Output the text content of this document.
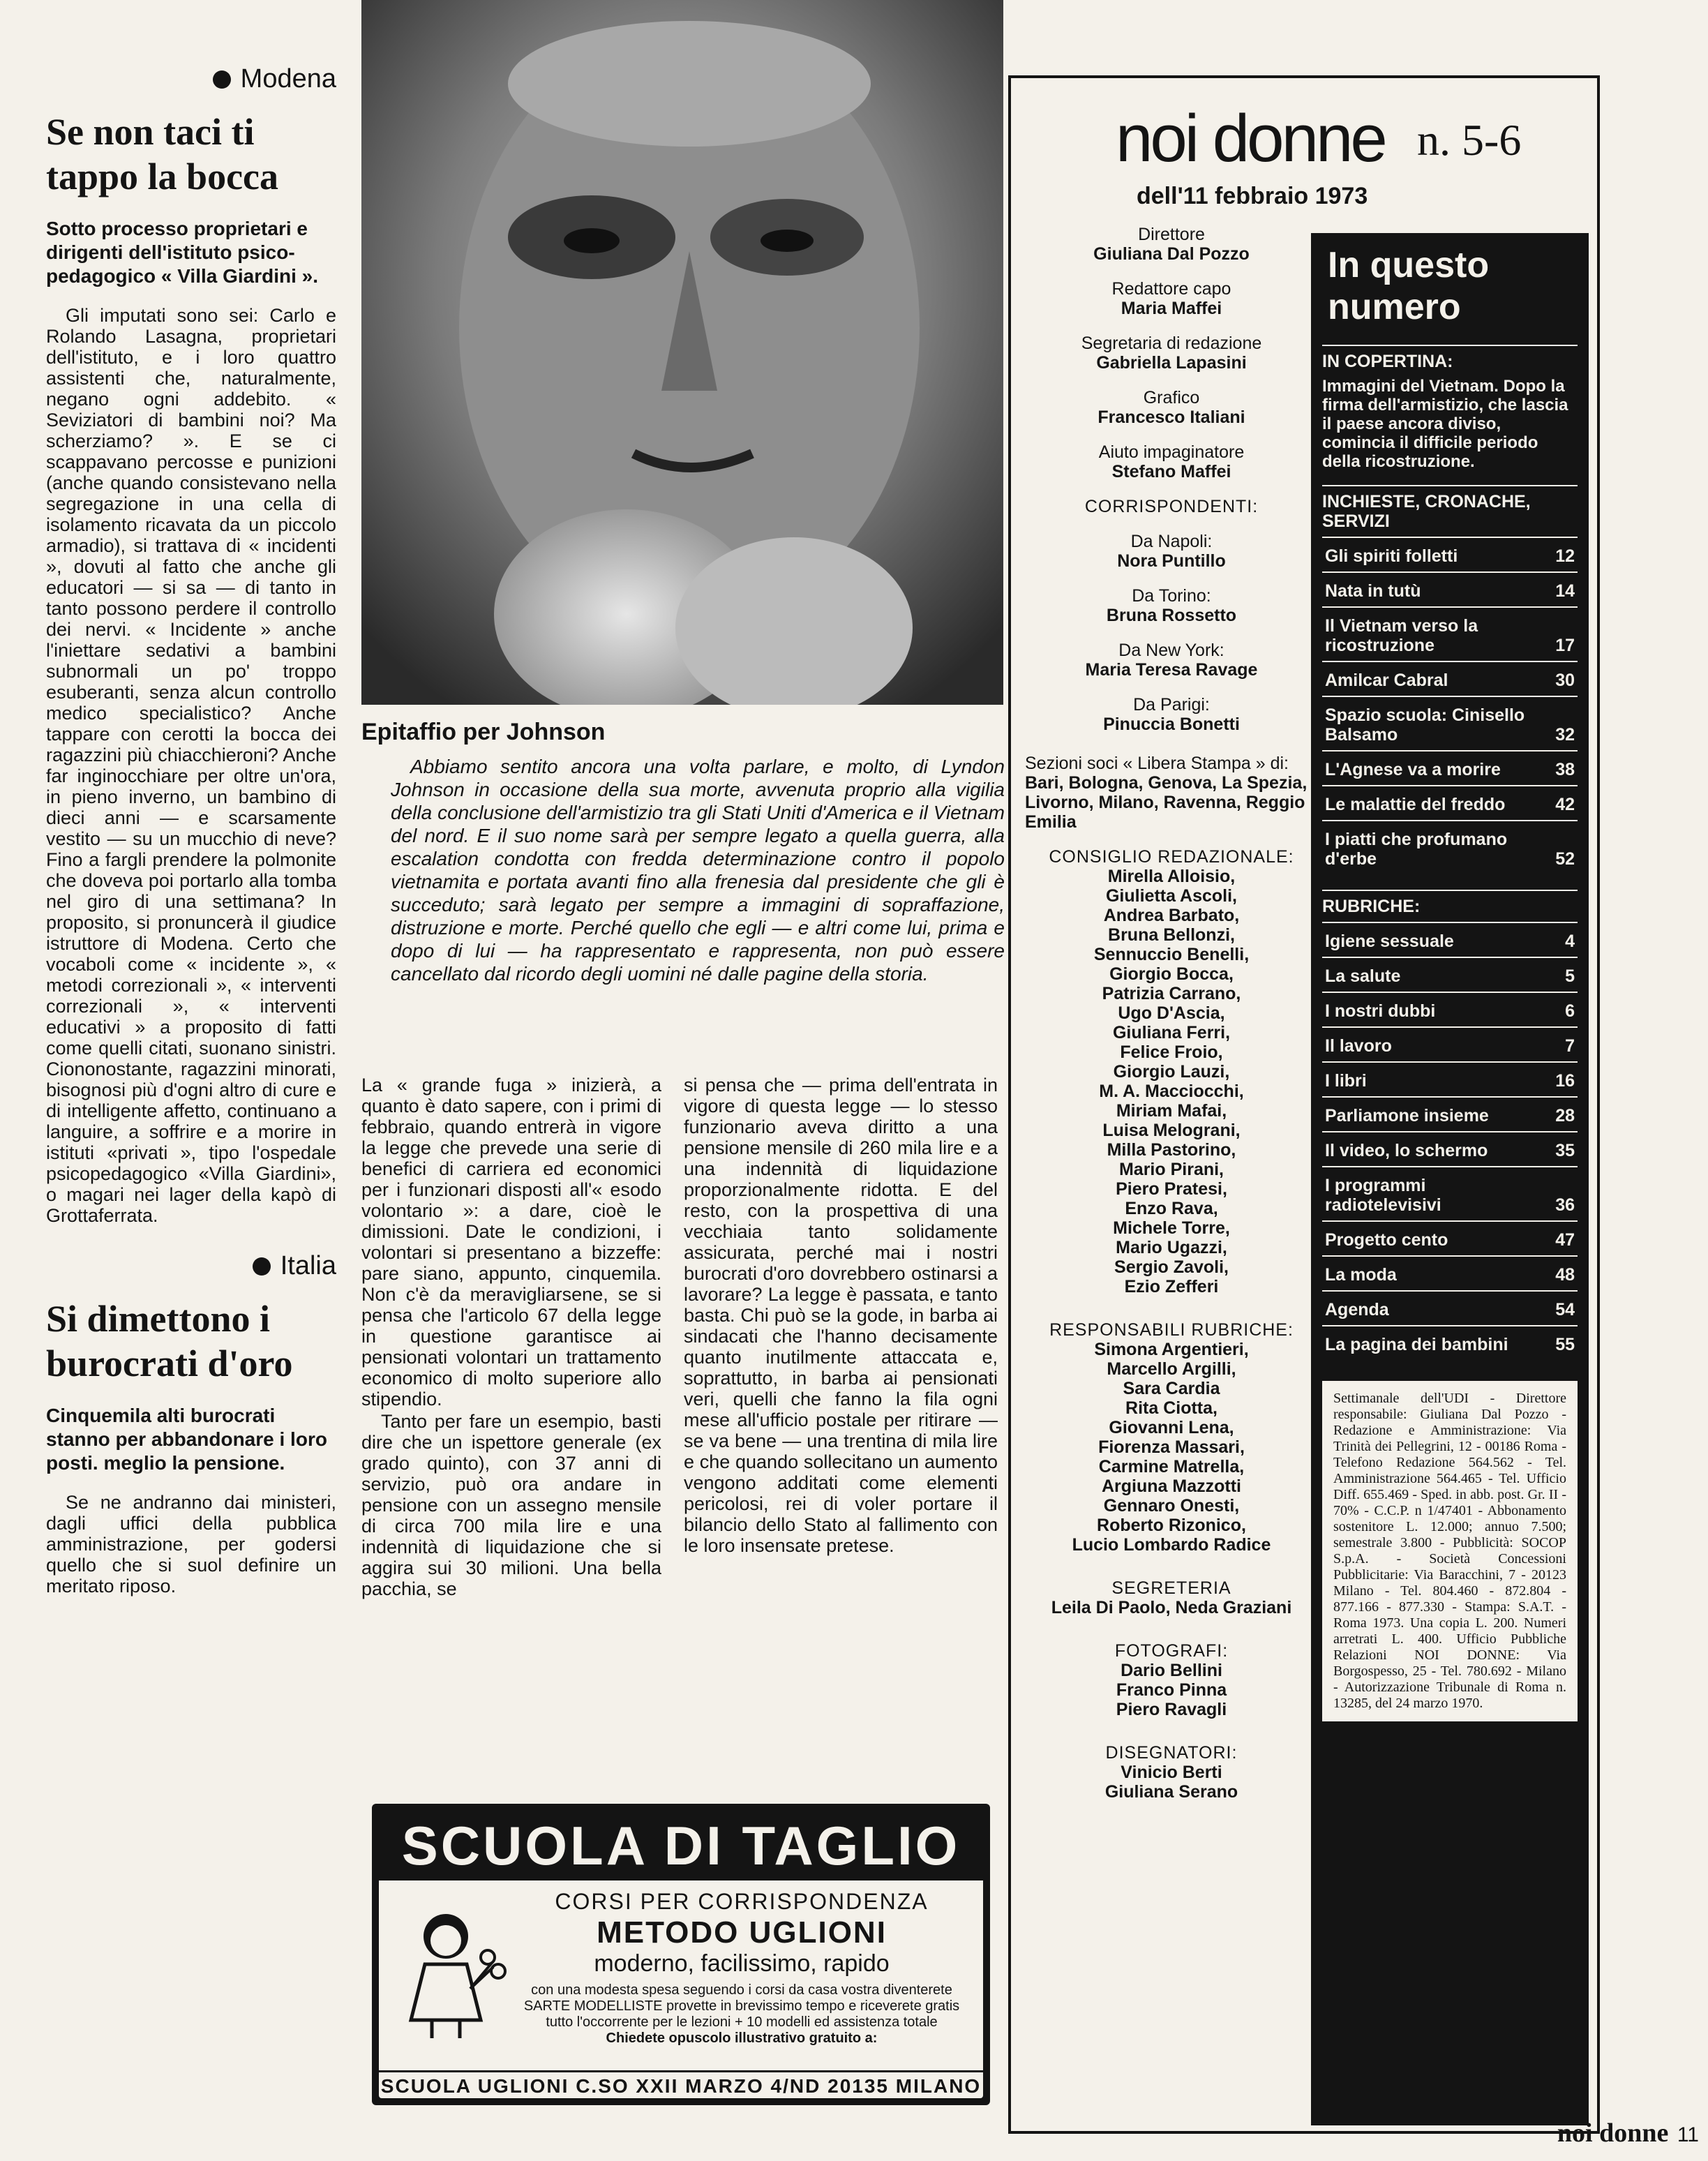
Modena
Se non taci ti tappo la bocca

Sotto processo proprietari e dirigenti dell'istituto psico-pedagogico « Villa Giardini ».

Gli imputati sono sei: Carlo e Rolando Lasagna, proprietari dell'istituto, e i loro quattro assistenti che, naturalmente, negano ogni addebito. « Seviziatori di bambini noi? Ma scherziamo? ». E se ci scappavano percosse e punizioni (anche quando consistevano nella segregazione in una cella di isolamento ricavata da un piccolo armadio), si trattava di « incidenti », dovuti al fatto che anche gli educatori — si sa — di tanto in tanto possono perdere il controllo dei nervi. « Incidente » anche l'iniettare sedativi a bambini subnormali un po' troppo esuberanti, senza alcun controllo medico specialistico? Anche tappare con cerotti la bocca dei ragazzini più chiacchieroni? Anche far inginocchiare per oltre un'ora, in pieno inverno, un bambino di dieci anni — e scarsamente vestito — su un mucchio di neve? Fino a fargli prendere la polmonite che doveva poi portarlo alla tomba nel giro di una settimana? In proposito, si pronuncerà il giudice istruttore di Modena. Certo che vocaboli come « incidente », « metodi correzionali », « interventi correzionali », « interventi educativi » a proposito di fatti come quelli citati, suonano sinistri. Ciononostante, ragazzini minorati, bisognosi più d'ogni altro di cure e di intelligente affetto, continuano a languire, a soffrire e a morire in istituti «privati », tipo l'ospedale psicopedagogico «Villa Giardini», o magari nei lager della kapò di Grottaferrata.

Italia
Si dimettono i burocrati d'oro

Cinquemila alti burocrati stanno per abbandonare i loro posti. meglio la pensione.

Se ne andranno dai ministeri, dagli uffici della pubblica amministrazione, per godersi quello che si suol definire un meritato riposo.

Epitaffio per Johnson

Abbiamo sentito ancora una volta parlare, e molto, di Lyndon Johnson in occasione della sua morte, avvenuta proprio alla vigilia della conclusione dell'armistizio tra gli Stati Uniti d'America e il Vietnam del nord. E il suo nome sarà per sempre legato a quella guerra, alla escalation condotta con fredda determinazione contro il popolo vietnamita e portata avanti fino alla frenesia dal presidente che gli è succeduto; sarà legato per sempre a immagini di sopraffazione, distruzione e morte. Perché quello che egli — e altri come lui, prima e dopo di lui — ha rappresentato e rappresenta, non può essere cancellato dal ricordo degli uomini né dalle pagine della storia.

La « grande fuga » inizierà, a quanto è dato sapere, con i primi di febbraio, quando entrerà in vigore la legge che prevede una serie di benefici di carriera ed economici per i funzionari disposti all'« esodo volontario »: a dare, cioè le dimissioni. Date le condizioni, i volontari si presentano a bizzeffe: pare siano, appunto, cinquemila. Non c'è da meravigliarsene, se si pensa che l'articolo 67 della legge in questione garantisce ai pensionati volontari un trattamento economico di molto superiore allo stipendio.

Tanto per fare un esempio, basti dire che un ispettore generale (ex grado quinto), con 37 anni di servizio, può ora andare in pensione con un assegno mensile di circa 700 mila lire e una indennità di liquidazione che si aggira sui 30 milioni. Una bella pacchia, se

si pensa che — prima dell'entrata in vigore di questa legge — lo stesso funzionario aveva diritto a una pensione mensile di 260 mila lire e a una indennità di liquidazione proporzionalmente ridotta. E del resto, con la prospettiva di una vecchiaia tanto solidamente assicurata, perché mai i nostri burocrati d'oro dovrebbero ostinarsi a lavorare? La legge è passata, e tanto basta. Chi può se la gode, in barba ai sindacati che l'hanno decisamente quanto inutilmente attaccata e, soprattutto, in barba ai pensionati veri, quelli che fanno la fila ogni mese all'ufficio postale per ritirare — se va bene — una trentina di mila lire e che quando sollecitano un aumento vengono additati come elementi pericolosi, rei di voler portare il bilancio dello Stato al fallimento con le loro insensate pretese.

SCUOLA DI TAGLIO
CORSI PER CORRISPONDENZA
METODO UGLIONI
moderno, facilissimo, rapido
con una modesta spesa seguendo i corsi da casa vostra diventerete SARTE MODELLISTE provette in brevissimo tempo e riceverete gratis tutto l'occorrente per le lezioni + 10 modelli ed assistenza totale
Chiedete opuscolo illustrativo gratuito a:
SCUOLA UGLIONI C.SO XXII MARZO 4/ND 20135 MILANO
noi donne n. 5-6
dell'11 febbraio 1973
Direttore
Giuliana Dal Pozzo
Redattore capo
Maria Maffei
Segretaria di redazione
Gabriella Lapasini
Grafico
Francesco Italiani
Aiuto impaginatore
Stefano Maffei
CORRISPONDENTI:
Da Napoli:
Nora Puntillo
Da Torino:
Bruna Rossetto
Da New York:
Maria Teresa Ravage
Da Parigi:
Pinuccia Bonetti
Sezioni soci « Libera Stampa » di: Bari, Bologna, Genova, La Spezia, Livorno, Milano, Ravenna, Reggio Emilia
CONSIGLIO REDAZIONALE:
Mirella Alloisio,
Giulietta Ascoli,
Andrea Barbato,
Bruna Bellonzi,
Sennuccio Benelli,
Giorgio Bocca,
Patrizia Carrano,
Ugo D'Ascia,
Giuliana Ferri,
Felice Froio,
Giorgio Lauzi,
M. A. Macciocchi,
Miriam Mafai,
Luisa Melograni,
Milla Pastorino,
Mario Pirani,
Piero Pratesi,
Enzo Rava,
Michele Torre,
Mario Ugazzi,
Sergio Zavoli,
Ezio Zefferi
RESPONSABILI RUBRICHE:
Simona Argentieri,
Marcello Argilli,
Sara Cardia
Rita Ciotta,
Giovanni Lena,
Fiorenza Massari,
Carmine Matrella,
Argiuna Mazzotti
Gennaro Onesti,
Roberto Rizonico,
Lucio Lombardo Radice
SEGRETERIA
Leila Di Paolo, Neda Graziani
FOTOGRAFI:
Dario Bellini
Franco Pinna
Piero Ravagli
DISEGNATORI:
Vinicio Berti
Giuliana Serano
In questo numero
IN COPERTINA:
Immagini del Vietnam. Dopo la firma dell'armistizio, che lascia il paese ancora diviso, comincia il difficile periodo della ricostruzione.
INCHIESTE, CRONACHE, SERVIZI
Gli spiriti folletti	12
Nata in tutù	14
Il Vietnam verso la ricostruzione	17
Amilcar Cabral	30
Spazio scuola: Cinisello Balsamo	32
L'Agnese va a morire	38
Le malattie del freddo	42
I piatti che profumano d'erbe	52
RUBRICHE:
Igiene sessuale	4
La salute	5
I nostri dubbi	6
Il lavoro	7
I libri	16
Parliamone insieme	28
Il video, lo schermo	35
I programmi radiotelevisivi	36
Progetto cento	47
La moda	48
Agenda	54
La pagina dei bambini	55
Settimanale dell'UDI - Direttore responsabile: Giuliana Dal Pozzo - Redazione e Amministrazione: Via Trinità dei Pellegrini, 12 - 00186 Roma - Telefono Redazione 564.562 - Tel. Amministrazione 564.465 - Tel. Ufficio Diff. 655.469 - Sped. in abb. post. Gr. II - 70% - C.C.P. n 1/47401 - Abbonamento sostenitore L. 12.000; annuo 7.500; semestrale 3.800 - Pubblicità: SOCOP S.p.A. - Società Concessioni Pubblicitarie: Via Baracchini, 7 - 20123 Milano - Tel. 804.460 - 872.804 - 877.166 - 877.330 - Stampa: S.A.T. - Roma 1973. Una copia L. 200. Numeri arretrati L. 400. Ufficio Pubbliche Relazioni NOI DONNE: Via Borgospesso, 25 - Tel. 780.692 - Milano - Autorizzazione Tribunale di Roma n. 13285, del 24 marzo 1970.
noi donne 11
